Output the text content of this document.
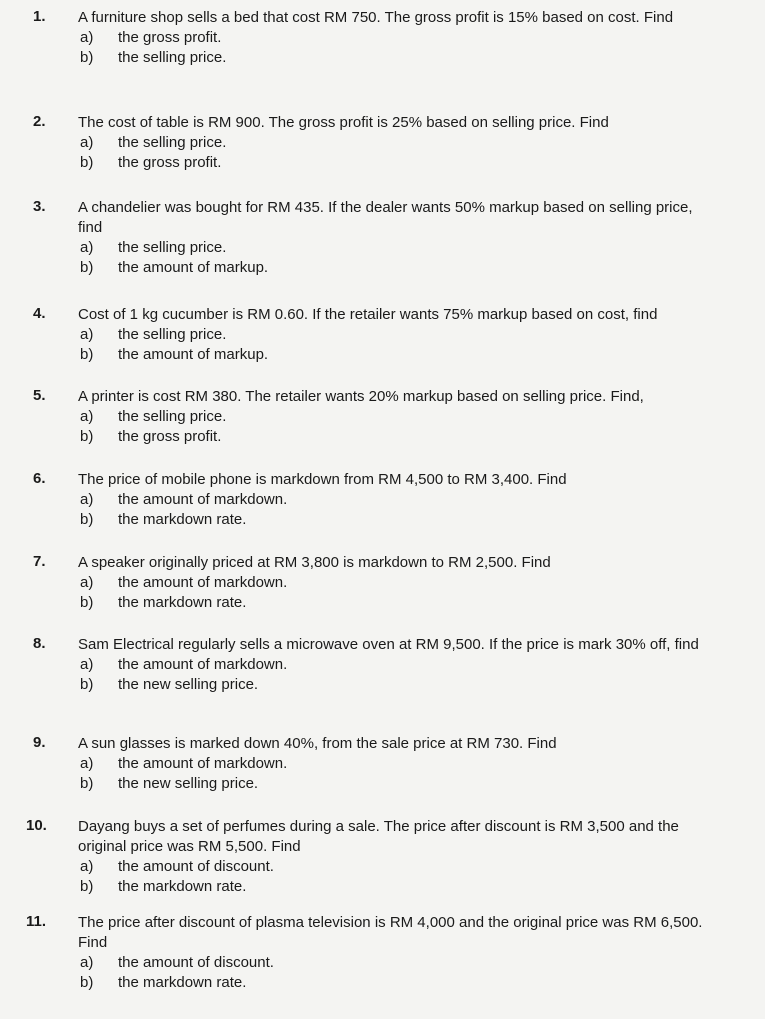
1. A furniture shop sells a bed that cost RM 750. The gross profit is 15% based on cost. Find
a) the gross profit.
b) the selling price.
2. The cost of table is RM 900. The gross profit is 25% based on selling price. Find
a) the selling price.
b) the gross profit.
3. A chandelier was bought for RM 435. If the dealer wants 50% markup based on selling price, find
a) the selling price.
b) the amount of markup.
4. Cost of 1 kg cucumber is RM 0.60. If the retailer wants 75% markup based on cost, find
a) the selling price.
b) the amount of markup.
5. A printer is cost RM 380. The retailer wants 20% markup based on selling price. Find,
a) the selling price.
b) the gross profit.
6. The price of mobile phone is markdown from RM 4,500 to RM 3,400. Find
a) the amount of markdown.
b) the markdown rate.
7. A speaker originally priced at RM 3,800 is markdown to RM 2,500. Find
a) the amount of markdown.
b) the markdown rate.
8. Sam Electrical regularly sells a microwave oven at RM 9,500. If the price is mark 30% off, find
a) the amount of markdown.
b) the new selling price.
9. A sun glasses is marked down 40%, from the sale price at RM 730. Find
a) the amount of markdown.
b) the new selling price.
10. Dayang buys a set of perfumes during a sale. The price after discount is RM 3,500 and the original price was RM 5,500. Find
a) the amount of discount.
b) the markdown rate.
11. The price after discount of plasma television is RM 4,000 and the original price was RM 6,500. Find
a) the amount of discount.
b) the markdown rate.
